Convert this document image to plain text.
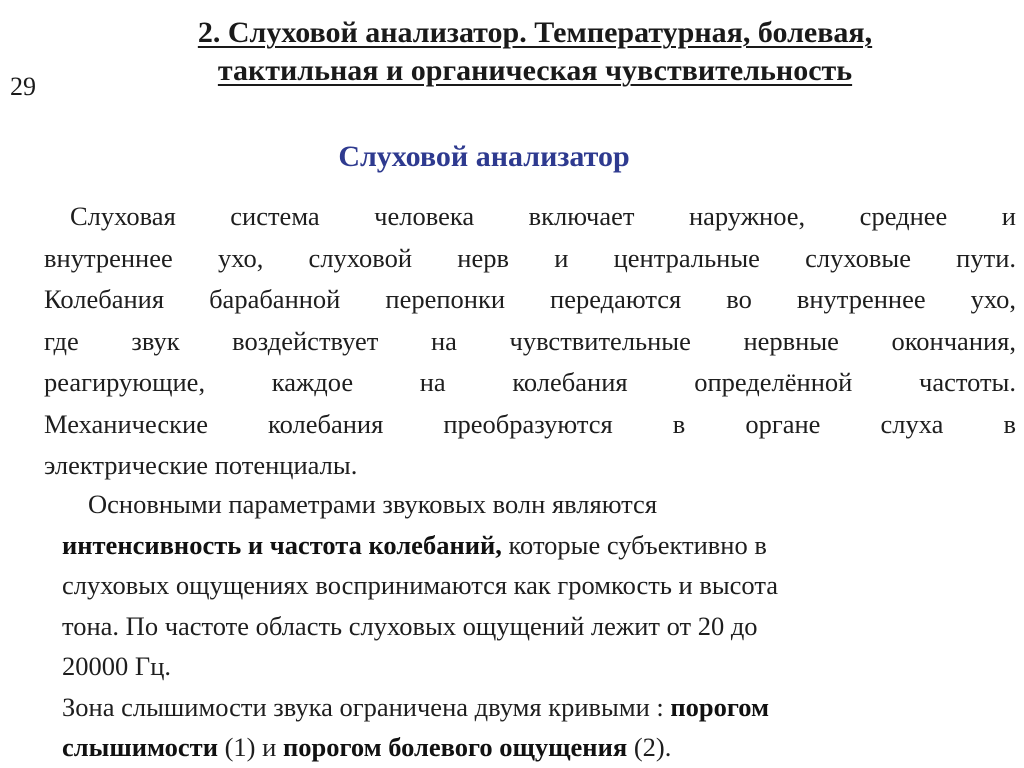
29
2. Слуховой анализатор. Температурная, болевая,
тактильная и органическая чувствительность
Слуховой анализатор
Слуховая система человека включает наружное, среднее и
внутреннее ухо, слуховой нерв и центральные слуховые пути.
Колебания барабанной перепонки передаются во внутреннее ухо,
где звук воздействует на чувствительные нервные окончания,
реагирующие, каждое на колебания определённой частоты.
Механические колебания преобразуются в органе слуха в
электрические потенциалы.
Основными параметрами звуковых волн являются
интенсивность и частота колебаний, которые субъективно в
слуховых ощущениях воспринимаются как громкость и высота
тона. По частоте область слуховых ощущений лежит от 20 до
20000 Гц.
Зона слышимости звука ограничена двумя кривыми : порогом
слышимости (1) и порогом болевого ощущения (2).
